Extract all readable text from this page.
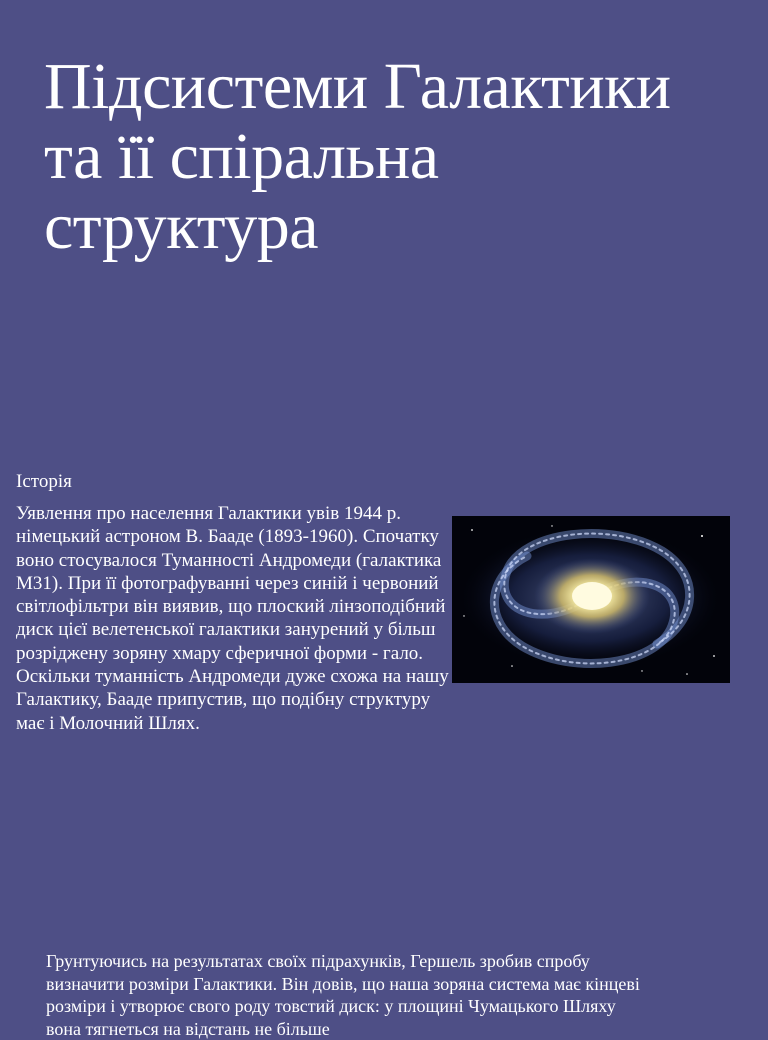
Підсистеми Галактики
та її спіральна
структура
Історія
Уявлення про населення Галактики увів 1944 р. німецький астроном В. Бааде (1893-1960). Спочатку воно стосувалося Туманності Андромеди (галактика М31). При її фотографуванні через синій і червоний світлофільтри він виявив, що плоский лінзоподібний диск цієї велетенської галактики занурений у більш розріджену зоряну хмару сферичної форми - гало. Оскільки туманність Андромеди дуже схожа на нашу Галактику, Бааде припустив, що подібну структуру має і Молочний Шлях.
Грунтуючись на результатах своїх підрахунків, Гершель зробив спробу визначити розміри Галактики. Він довів, що наша зоряна система має кінцеві розміри і утворює свого роду товстий диск: у площині Чумацького Шляху вона тягнеться на відстань не більше
